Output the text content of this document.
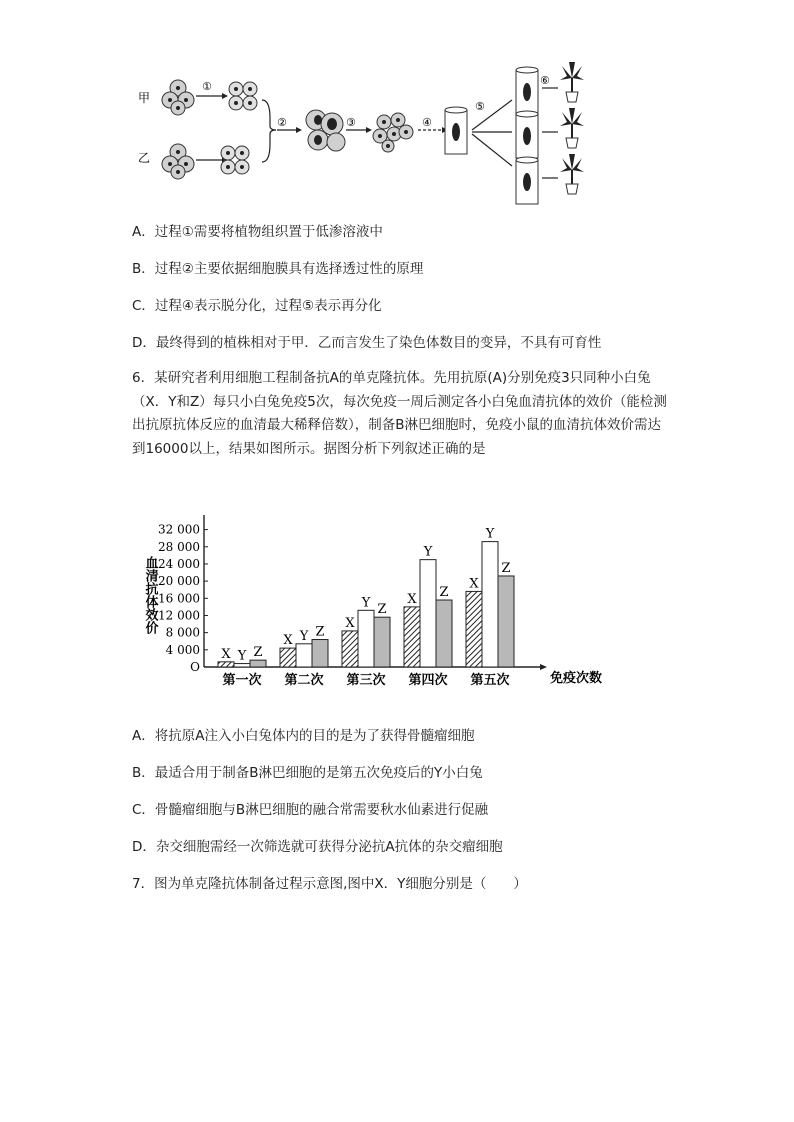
甲
乙
①
②	③	④
⑤
⑥
A．过程①需要将植物组织置于低渗溶液中
B．过程②主要依据细胞膜具有选择透过性的原理
C．过程④表示脱分化，过程⑤表示再分化
D．最终得到的植株相对于甲．乙而言发生了染色体数目的变异，不具有可育性
6．某研究者利用细胞工程制备抗A的单克隆抗体。先用抗原(A)分别免疫3只同种小白兔（X．Y和Z）每只小白兔免疫5次，每次免疫一周后测定各小白兔血清抗体的效价（能检测出抗原抗体反应的血清最大稀释倍数），制备B淋巴细胞时，免疫小鼠的血清抗体效价需达到16000以上，结果如图所示。据图分析下列叙述正确的是
O
4 000
8 000
12 000
16 000
20 000
24 000
28 000
32 000
血清抗体效价
免疫次数
第一次
X Y Z
第二次
X Y Z
第三次
X
Y Z
第四次
X
Y
Z
第五次
X
Y
Z
A．将抗原A注入小白兔体内的目的是为了获得骨髓瘤细胞
B．最适合用于制备B淋巴细胞的是第五次免疫后的Y小白兔
C．骨髓瘤细胞与B淋巴细胞的融合常需要秋水仙素进行促融
D．杂交细胞需经一次筛选就可获得分泌抗A抗体的杂交瘤细胞
7．图为单克隆抗体制备过程示意图,图中X．Y细胞分别是（　　）
